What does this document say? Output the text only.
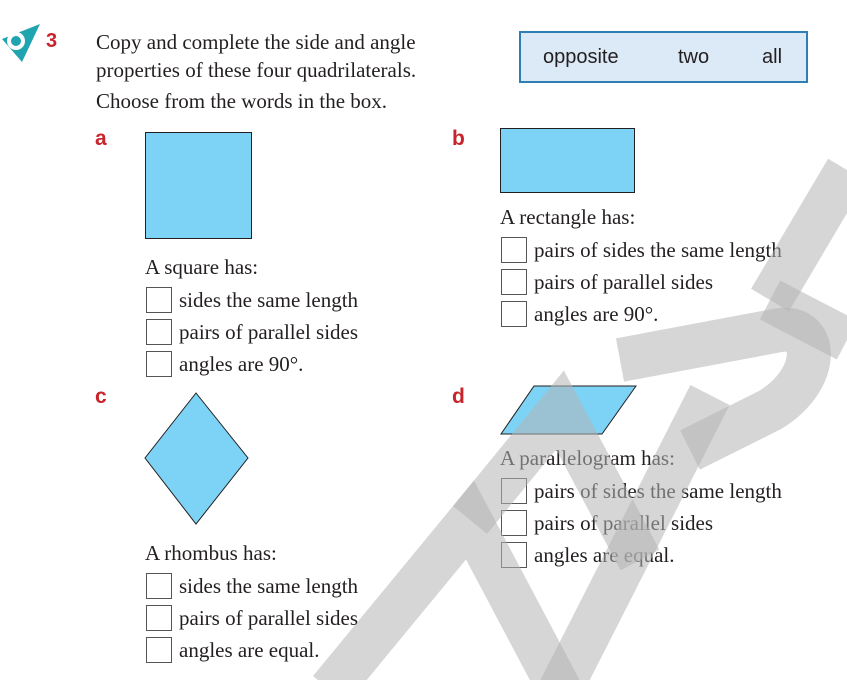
3 Copy and complete the side and angle
properties of these four quadrilaterals.
Choose from the words in the box.
opposite	two	all
a
A square has:
sides the same length
pairs of parallel sides
angles are 90°.
b
A rectangle has:
pairs of sides the same length
pairs of parallel sides
angles are 90°.
c
A rhombus has:
sides the same length
pairs of parallel sides
angles are equal.
d
A parallelogram has:
pairs of sides the same length
pairs of parallel sides
angles are equal.
